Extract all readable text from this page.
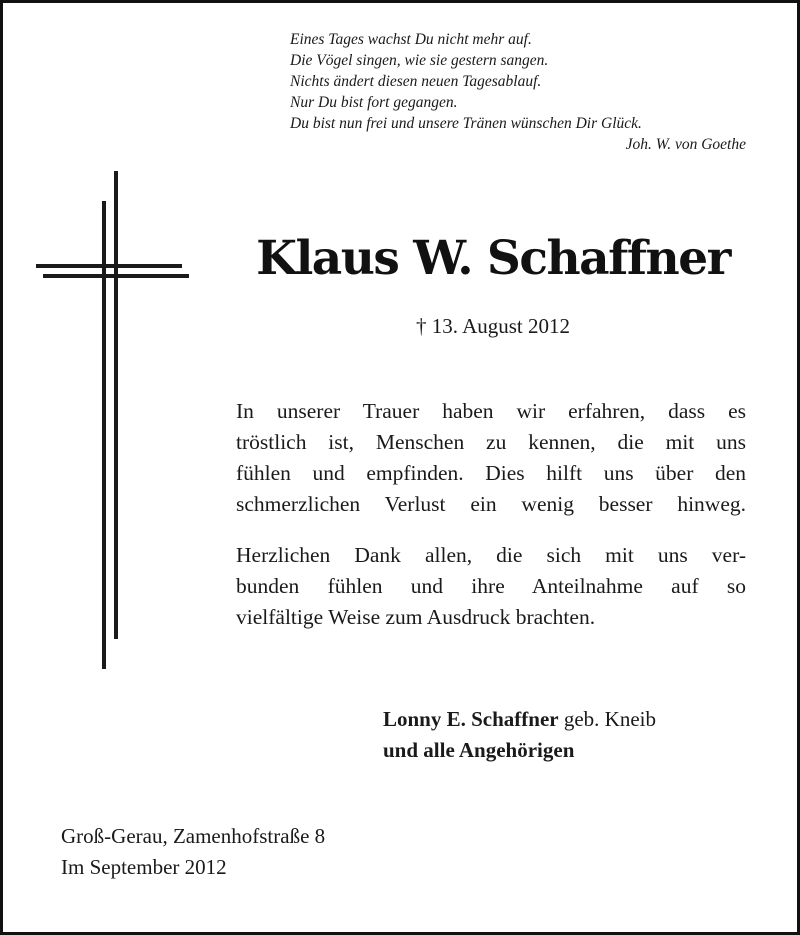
Eines Tages wachst Du nicht mehr auf.
Die Vögel singen, wie sie gestern sangen.
Nichts ändert diesen neuen Tagesablauf.
Nur Du bist fort gegangen.
Du bist nun frei und unsere Tränen wünschen Dir Glück.
Joh. W. von Goethe
Klaus W. Schaffner
† 13. August 2012
In unserer Trauer haben wir erfahren, dass es
tröstlich ist, Menschen zu kennen, die mit uns
fühlen und empfinden. Dies hilft uns über den
schmerzlichen Verlust ein wenig besser hinweg.
Herzlichen Dank allen, die sich mit uns ver-
bunden fühlen und ihre Anteilnahme auf so
vielfältige Weise zum Ausdruck brachten.
Lonny E. Schaffner geb. Kneib
und alle Angehörigen
Groß-Gerau, Zamenhofstraße 8
Im September 2012
